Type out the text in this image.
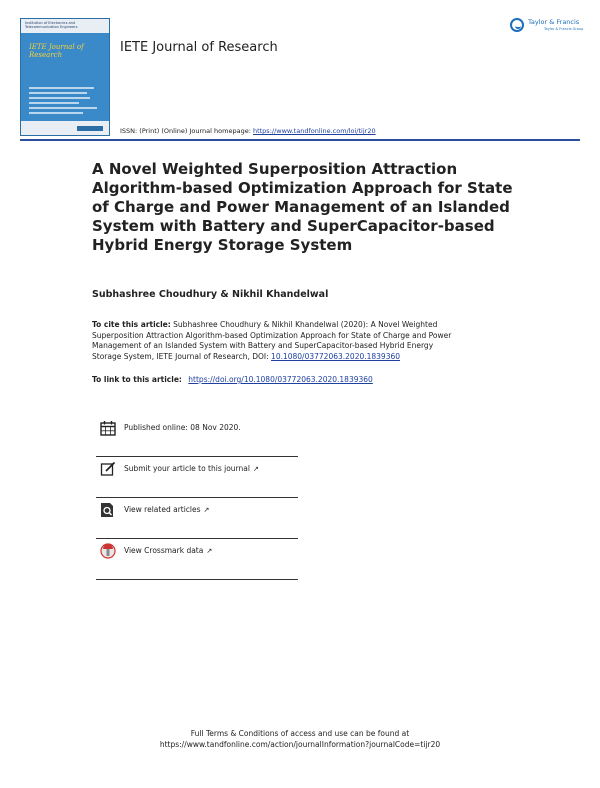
Institution of Electronics and Telecommunication Engineers
IETE Journal of Research	IETE Journal of Research
ISSN: (Print) (Online) Journal homepage: https://www.tandfonline.com/loi/tijr20
Taylor & Francis
Taylor & Francis Group
A Novel Weighted Superposition Attraction
Algorithm-based Optimization Approach for State
of Charge and Power Management of an Islanded
System with Battery and SuperCapacitor-based
Hybrid Energy Storage System
Subhashree Choudhury & Nikhil Khandelwal
To cite this article: Subhashree Choudhury & Nikhil Khandelwal (2020): A Novel Weighted
Superposition Attraction Algorithm-based Optimization Approach for State of Charge and Power
Management of an Islanded System with Battery and SuperCapacitor-based Hybrid Energy
Storage System, IETE Journal of Research, DOI: 10.1080/03772063.2020.1839360
To link to this article: https://doi.org/10.1080/03772063.2020.1839360
Published online: 08 Nov 2020.
Submit your article to this journal ↗
View related articles ↗
View Crossmark data ↗
Full Terms & Conditions of access and use can be found at
https://www.tandfonline.com/action/journalInformation?journalCode=tijr20
